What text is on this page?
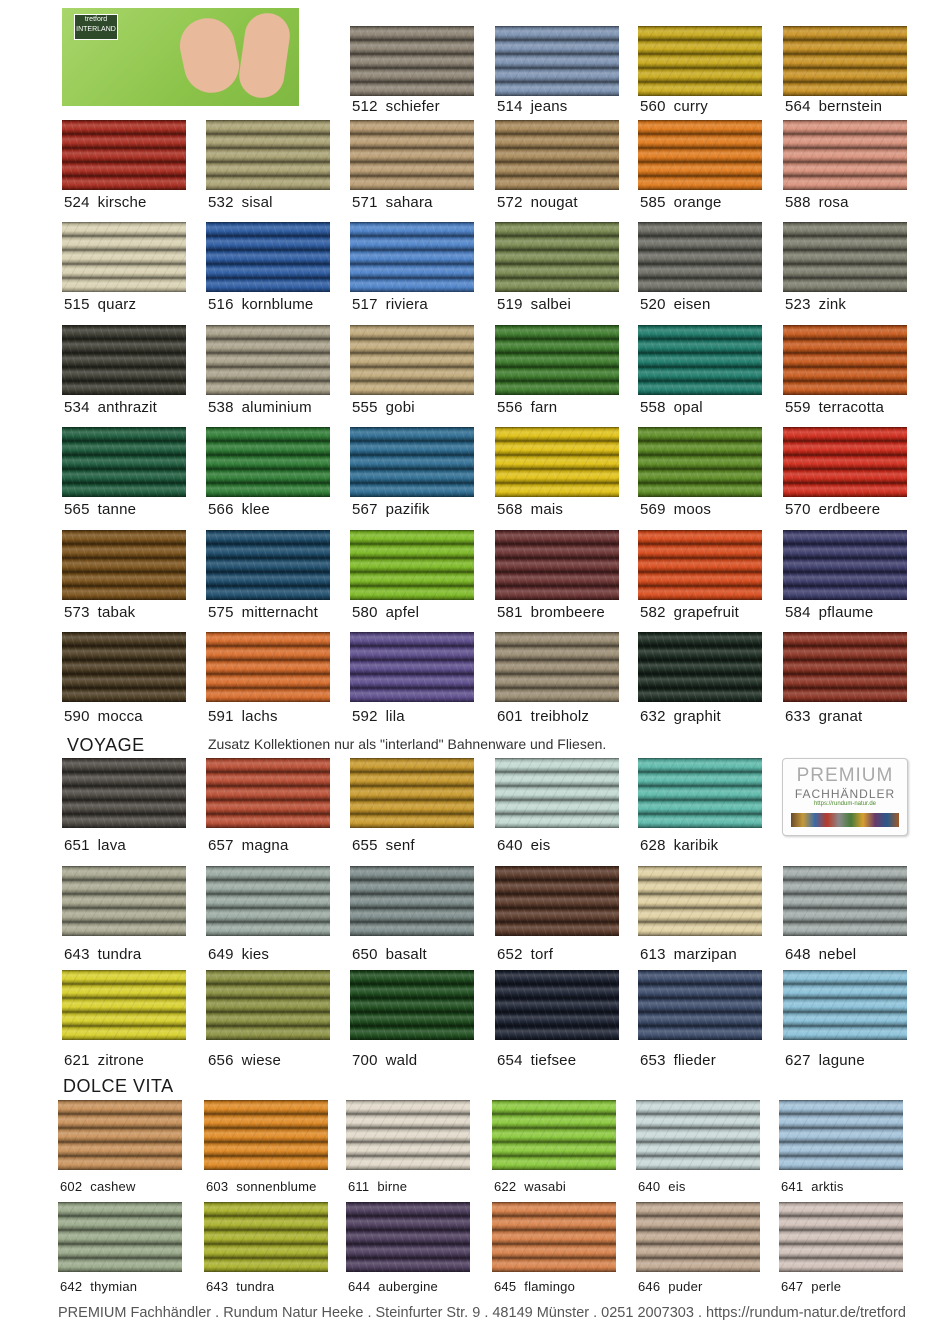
tretford
INTERLAND
512 schiefer	514 jeans	560 curry	564 bernstein
524 kirsche	532 sisal	571 sahara	572 nougat	585 orange	588 rosa
515 quarz	516 kornblume	517 riviera	519 salbei	520 eisen	523 zink
534 anthrazit	538 aluminium	555 gobi	556 farn	558 opal	559 terracotta
565 tanne	566 klee	567 pazifik	568 mais	569 moos	570 erdbeere
573 tabak	575 mitternacht 580 apfel	581 brombeere 582 grapefruit	584 pflaume
590 mocca	591 lachs	592 lila	601 treibholz	632 graphit	633 granat
651 lava	657 magna	655 senf	640 eis	628 karibik
643 tundra	649 kies	650 basalt	652 torf	613 marzipan	648 nebel
621 zitrone	656 wiese	700 wald	654 tiefsee	653 flieder	627 lagune
602 cashew	603 sonnenblume 611 birne	622 wasabi	640 eis	641 arktis
642 thymian	643 tundra	644 aubergine	645 flamingo	646 puder	647 perle
VOYAGE	Zusatz Kollektionen nur als "interland" Bahnenware und Fliesen.
DOLCE VITA
PREMIUM
FACHHÄNDLER
https://rundum-natur.de
PREMIUM Fachhändler . Rundum Natur Heeke . Steinfurter Str. 9 . 48149 Münster . 0251 2007303 . https://rundum-natur.de/tretford
